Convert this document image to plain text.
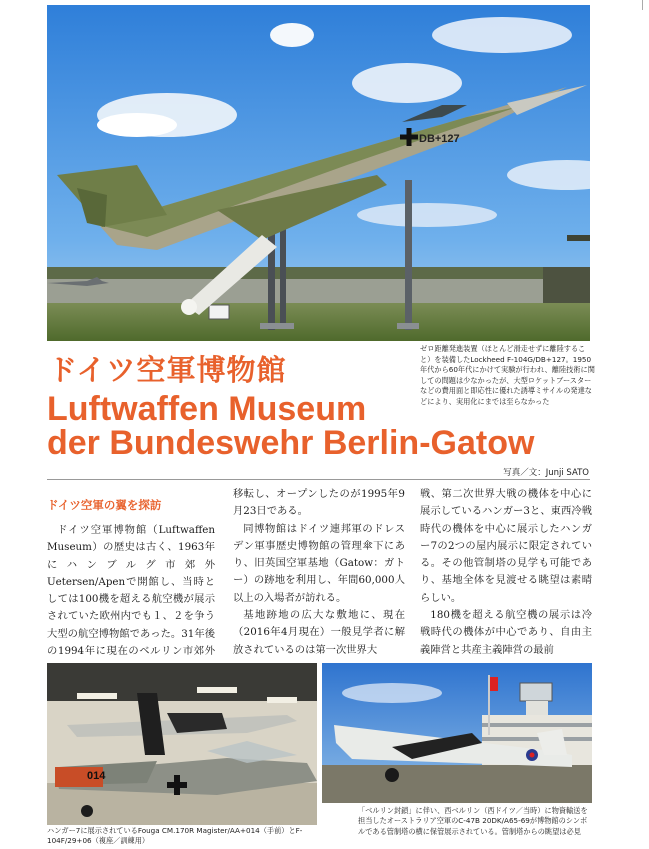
DB+127
ゼロ距離発進装置（ほとんど滑走せずに離陸すること）を装備したLockheed F-104G/DB+127。1950年代から60年代にかけて実験が行われ、離陸技術に関しての問題は少なかったが、大型ロケットブースターなどの費用面と即応性に優れた誘導ミサイルの発達などにより、実用化にまでは至らなかった
ドイツ空軍博物館
Luftwaffen Museum
der Bundeswehr Berlin-Gatow
写真／文：Junji SATO
ドイツ空軍の翼を探訪

ドイツ空軍博物館（Luftwaffen Museum）の歴史は古く、1963年にハンブルグ市郊外Uetersen/Apenで開館し、当時としては100機を超える航空機が展示されていた欧州内でも１、２を争う大型の航空博物館であった。31年後の1994年に現在のベルリン市郊外

移転し、オープンしたのが1995年9月23日である。

同博物館はドイツ連邦軍のドレスデン軍事歴史博物館の管理傘下にあり、旧英国空軍基地（Gatow：ガトー）の跡地を利用し、年間60,000人以上の入場者が訪れる。

基地跡地の広大な敷地に、現在（2016年4月現在）一般見学者に解放されているのは第一次世界大

戦、第二次世界大戦の機体を中心に展示しているハンガー3と、東西冷戦時代の機体を中心に展示したハンガー7の2つの屋内展示に限定されている。その他管制塔の見学も可能であり、基地全体を見渡せる眺望は素晴らしい。

180機を超える航空機の展示は冷戦時代の機体が中心であり、自由主義陣営と共産主義陣営の最前

014
ハンガー7に展示されているFouga CM.170R Magister/AA+014（手前）とF-104F/29+06（複座／訓練用）
「ベルリン封鎖」に伴い、西ベルリン（西ドイツ／当時）に物資輸送を担当したオーストラリア空軍のC-47B 20DK/A65-69が博物館のシンボルである管制塔の横に保管展示されている。管制塔からの眺望は必見
